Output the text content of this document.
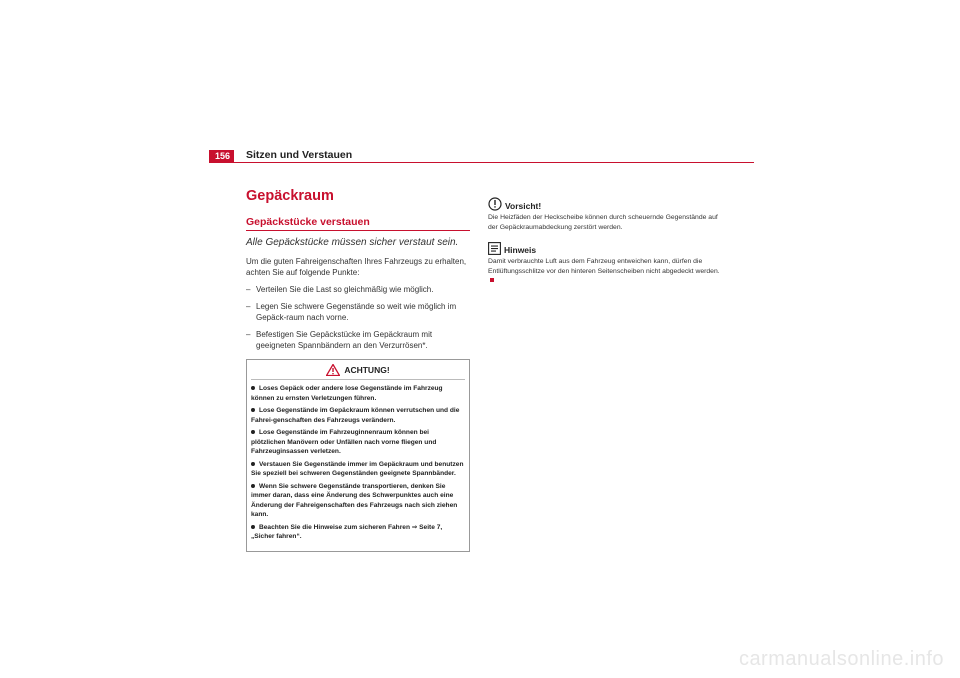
156	Sitzen und Verstauen
Gepäckraum
Gepäckstücke verstauen
Alle Gepäckstücke müssen sicher verstaut sein.

Um die guten Fahreigenschaften Ihres Fahrzeugs zu erhalten, achten Sie auf folgende Punkte:

– Verteilen Sie die Last so gleichmäßig wie möglich.
– Legen Sie schwere Gegenstände so weit wie möglich im Gepäck-raum nach vorne.
– Befestigen Sie Gepäckstücke im Gepäckraum mit geeigneten Spannbändern an den Verzurrösen*.
ACHTUNG!
Loses Gepäck oder andere lose Gegenstände im Fahrzeug können zu ernsten Verletzungen führen.
Lose Gegenstände im Gepäckraum können verrutschen und die Fahrei-genschaften des Fahrzeugs verändern.
Lose Gegenstände im Fahrzeuginnenraum können bei plötzlichen Manövern oder Unfällen nach vorne fliegen und Fahrzeuginsassen verletzen.
Verstauen Sie Gegenstände immer im Gepäckraum und benutzen Sie speziell bei schweren Gegenständen geeignete Spannbänder.
Wenn Sie schwere Gegenstände transportieren, denken Sie immer daran, dass eine Änderung des Schwerpunktes auch eine Änderung der Fahreigenschaften des Fahrzeugs nach sich ziehen kann.
Beachten Sie die Hinweise zum sicheren Fahren ⇒ Seite 7, „Sicher fahren“.
Vorsicht!

Die Heizfäden der Heckscheibe können durch scheuernde Gegenstände auf der Gepäckraumabdeckung zerstört werden.

Hinweis

Damit verbrauchte Luft aus dem Fahrzeug entweichen kann, dürfen die Entlüftungsschlitze vor den hinteren Seitenscheiben nicht abgedeckt werden.

carmanualsonline.info
